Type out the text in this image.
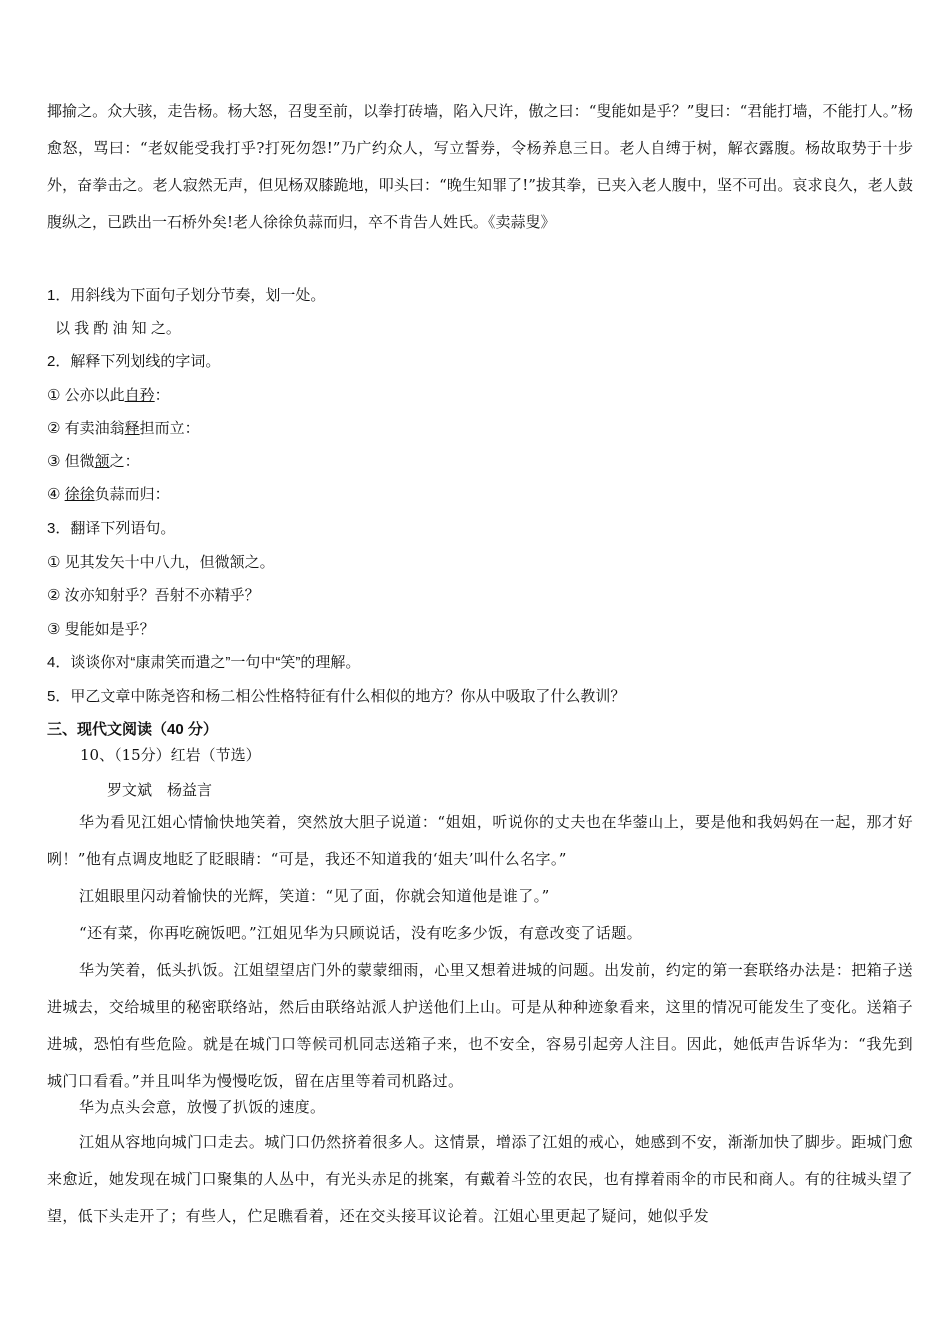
揶揄之。众大骇，走告杨。杨大怒，召叟至前，以拳打砖墙，陷入尺许，傲之曰：“叟能如是乎？”叟曰：“君能打墙，不能打人。”杨愈怒，骂曰：“老奴能受我打乎?打死勿怨!”乃广约众人，写立誓券，令杨养息三日。老人自缚于树，解衣露腹。杨故取势于十步外，奋拳击之。老人寂然无声，但见杨双膝跪地，叩头曰：“晚生知罪了!”拔其拳，已夹入老人腹中，坚不可出。哀求良久，老人鼓腹纵之，已跌出一石桥外矣!老人徐徐负蒜而归，卒不肯告人姓氏。《卖蒜叟》

1．用斜线为下面句子划分节奏，划一处。

以 我 酌 油 知 之。

2．解释下列划线的字词。

① 公亦以此自矜：

② 有卖油翁释担而立：

③ 但微颔之：

④ 徐徐负蒜而归：

3．翻译下列语句。

① 见其发矢十中八九，但微颔之。

② 汝亦知射乎？吾射不亦精乎？

③ 叟能如是乎？

4．谈谈你对“康肃笑而遣之”一句中“笑”的理解。

5．甲乙文章中陈尧咨和杨二相公性格特征有什么相似的地方？你从中吸取了什么教训？

三、现代文阅读（40 分）

10、（15分）红岩（节选）

罗文斌　杨益言

华为看见江姐心情愉快地笑着，突然放大胆子说道：“姐姐，听说你的丈夫也在华蓥山上，要是他和我妈妈在一起，那才好咧！”他有点调皮地眨了眨眼睛：“可是，我还不知道我的‘姐夫’叫什么名字。”

江姐眼里闪动着愉快的光辉，笑道：“见了面，你就会知道他是谁了。”

“还有菜，你再吃碗饭吧。”江姐见华为只顾说话，没有吃多少饭，有意改变了话题。

华为笑着，低头扒饭。江姐望望店门外的蒙蒙细雨，心里又想着进城的问题。出发前，约定的第一套联络办法是：把箱子送进城去，交给城里的秘密联络站，然后由联络站派人护送他们上山。可是从种种迹象看来，这里的情况可能发生了变化。送箱子进城，恐怕有些危险。就是在城门口等候司机同志送箱子来，也不安全，容易引起旁人注目。因此，她低声告诉华为：“我先到城门口看看。”并且叫华为慢慢吃饭，留在店里等着司机路过。

华为点头会意，放慢了扒饭的速度。

江姐从容地向城门口走去。城门口仍然挤着很多人。这情景，增添了江姐的戒心，她感到不安，渐渐加快了脚步。距城门愈来愈近，她发现在城门口聚集的人丛中，有光头赤足的挑案，有戴着斗笠的农民，也有撑着雨伞的市民和商人。有的往城头望了望，低下头走开了；有些人，伫足瞧看着，还在交头接耳议论着。江姐心里更起了疑问，她似乎发
